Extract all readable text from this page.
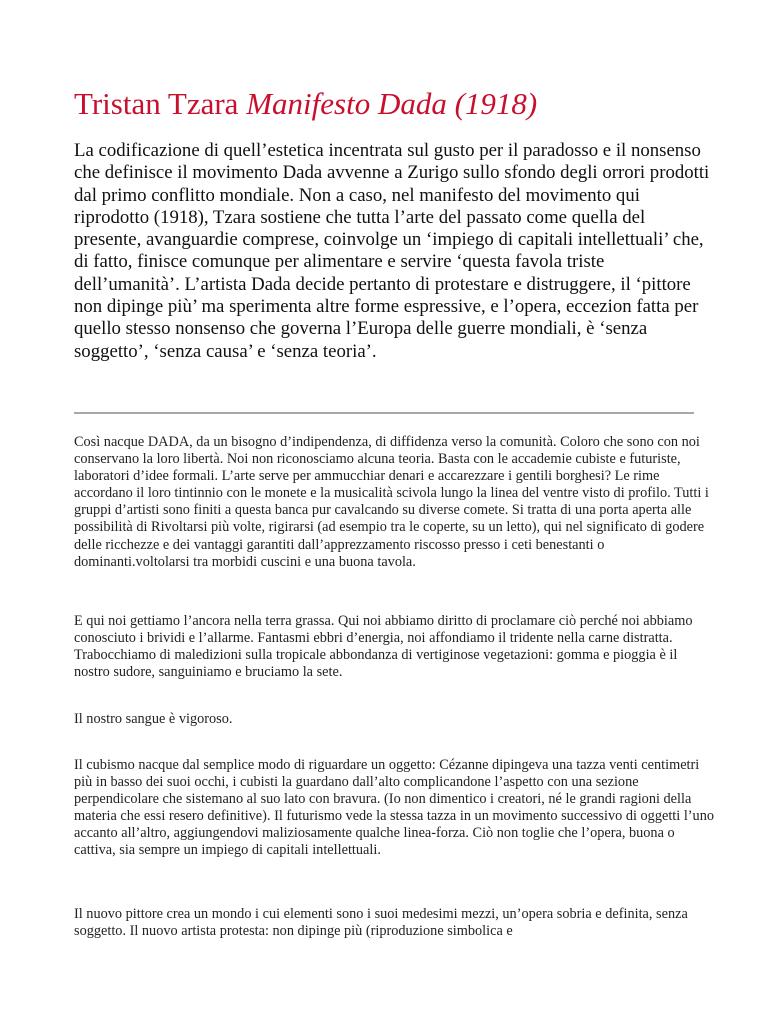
Tristan Tzara Manifesto Dada (1918)

La codificazione di quell’estetica incentrata sul gusto per il paradosso e il nonsenso che definisce il movimento Dada avvenne a Zurigo sullo sfondo degli orrori prodotti dal primo conflitto mondiale. Non a caso, nel manifesto del movimento qui riprodotto (1918), Tzara sostiene che tutta l’arte del passato come quella del presente, avanguardie comprese, coinvolge un ‘impiego di capitali intellettuali’ che, di fatto, finisce comunque per alimentare e servire ‘questa favola triste dell’umanità’. L’artista Dada decide pertanto di protestare e distruggere, il ‘pittore non dipinge più’ ma sperimenta altre forme espressive, e l’opera, eccezion fatta per quello stesso nonsenso che governa l’Europa delle guerre mondiali, è ‘senza soggetto’, ‘senza causa’ e ‘senza teoria’.

Così nacque DADA, da un bisogno d’indipendenza, di diffidenza verso la comunità. Coloro che sono con noi conservano la loro libertà. Noi non riconosciamo alcuna teoria. Basta con le accademie cubiste e futuriste, laboratori d’idee formali. L’arte serve per ammucchiar denari e accarezzare i gentili borghesi? Le rime accordano il loro tintinnio con le monete e la musicalità scivola lungo la linea del ventre visto di profilo. Tutti i gruppi d’artisti sono finiti a questa banca pur cavalcando su diverse comete. Si tratta di una porta aperta alle possibilità di Rivoltarsi più volte, rigirarsi (ad esempio tra le coperte, su un letto), qui nel significato di godere delle ricchezze e dei vantaggi garantiti dall’apprezzamento riscosso presso i ceti benestanti o dominanti.voltolarsi tra morbidi cuscini e una buona tavola.

E qui noi gettiamo l’ancora nella terra grassa. Qui noi abbiamo diritto di proclamare ciò perché noi abbiamo conosciuto i brividi e l’allarme. Fantasmi ebbri d’energia, noi affondiamo il tridente nella carne distratta. Trabocchiamo di maledizioni sulla tropicale abbondanza di vertiginose vegetazioni: gomma e pioggia è il nostro sudore, sanguiniamo e bruciamo la sete.

Il nostro sangue è vigoroso.

Il cubismo nacque dal semplice modo di riguardare un oggetto: Cézanne dipingeva una tazza venti centimetri più in basso dei suoi occhi, i cubisti la guardano dall’alto complicandone l’aspetto con una sezione perpendicolare che sistemano al suo lato con bravura. (Io non dimentico i creatori, né le grandi ragioni della materia che essi resero definitive). Il futurismo vede la stessa tazza in un movimento successivo di oggetti l’uno accanto all’altro, aggiungendovi maliziosamente qualche linea-forza. Ciò non toglie che l’opera, buona o cattiva, sia sempre un impiego di capitali intellettuali.

Il nuovo pittore crea un mondo i cui elementi sono i suoi medesimi mezzi, un’opera sobria e definita, senza soggetto. Il nuovo artista protesta: non dipinge più (riproduzione simbolica e
